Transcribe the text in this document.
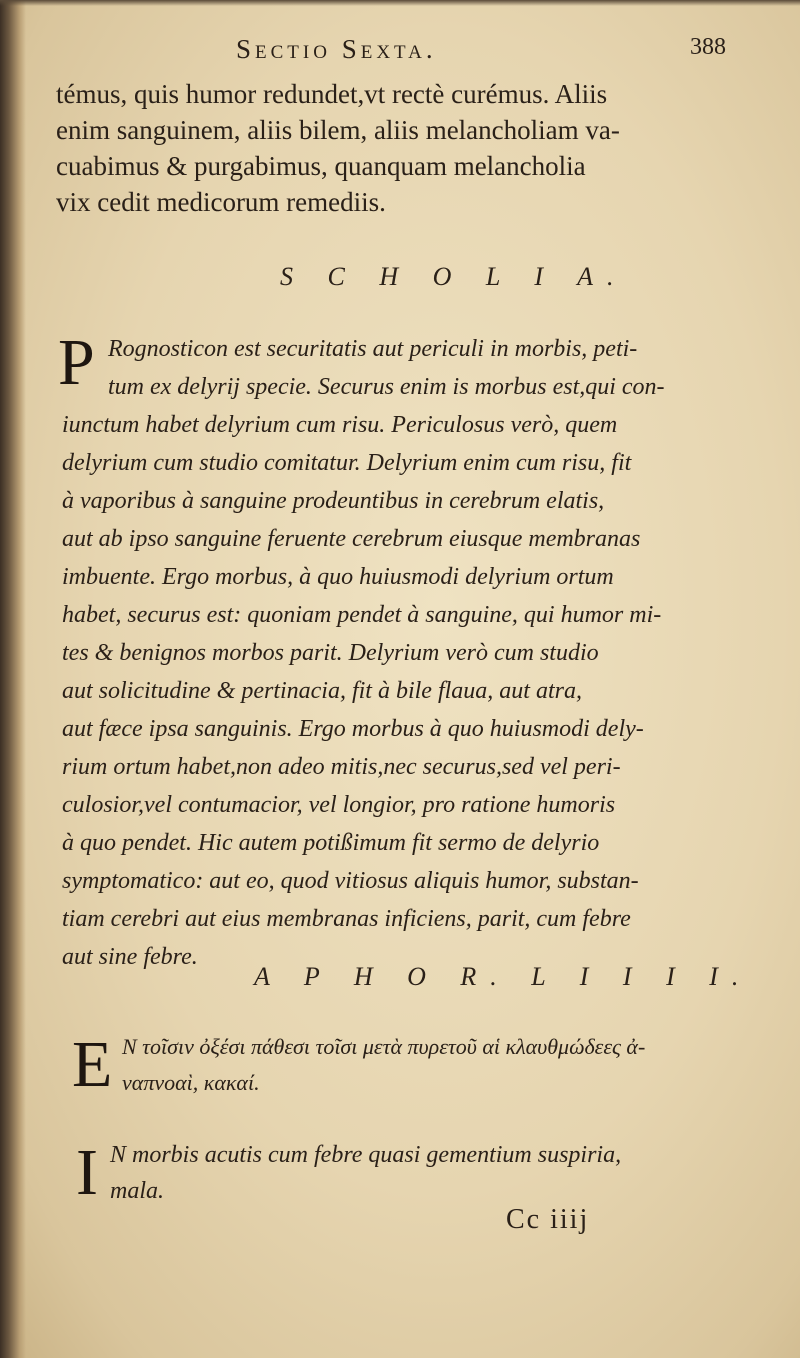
Sectio Sexta.	388
témus, quis humor redundet,vt rectè curémus. Aliis
enim sanguinem, aliis bilem, aliis melancholiam va-
cuabimus & purgabimus, quanquam melancholia
vix cedit medicorum remediis.
S C H O L I A.
P Rognosticon est securitatis aut periculi in morbis, peti-
tum ex delyrij specie. Securus enim is morbus est,qui con-
iunctum habet delyrium cum risu. Periculosus verò, quem
delyrium cum studio comitatur. Delyrium enim cum risu, fit
à vaporibus à sanguine prodeuntibus in cerebrum elatis,
aut ab ipso sanguine feruente cerebrum eiusque membranas
imbuente. Ergo morbus, à quo huiusmodi delyrium ortum
habet, securus est: quoniam pendet à sanguine, qui humor mi-
tes & benignos morbos parit. Delyrium verò cum studio
aut solicitudine & pertinacia, fit à bile flaua, aut atra,
aut fæce ipsa sanguinis. Ergo morbus à quo huiusmodi dely-
rium ortum habet,non adeo mitis,nec securus,sed vel peri-
culosior,vel contumacior, vel longior, pro ratione humoris
à quo pendet. Hic autem potißimum fit sermo de delyrio
symptomatico: aut eo, quod vitiosus aliquis humor, substan-
tiam cerebri aut eius membranas inficiens, parit, cum febre
aut sine febre.
A P H O R. L I I I I.
E Ν τοῖσιν ὀξέσι πάθεσι τοῖσι μετὰ πυρετοῦ αἱ κλαυθμώδεες ἀ-
ναπνοαὶ, κακαί.
I N morbis acutis cum febre quasi gementium suspiria,
mala.
Cc iiij
